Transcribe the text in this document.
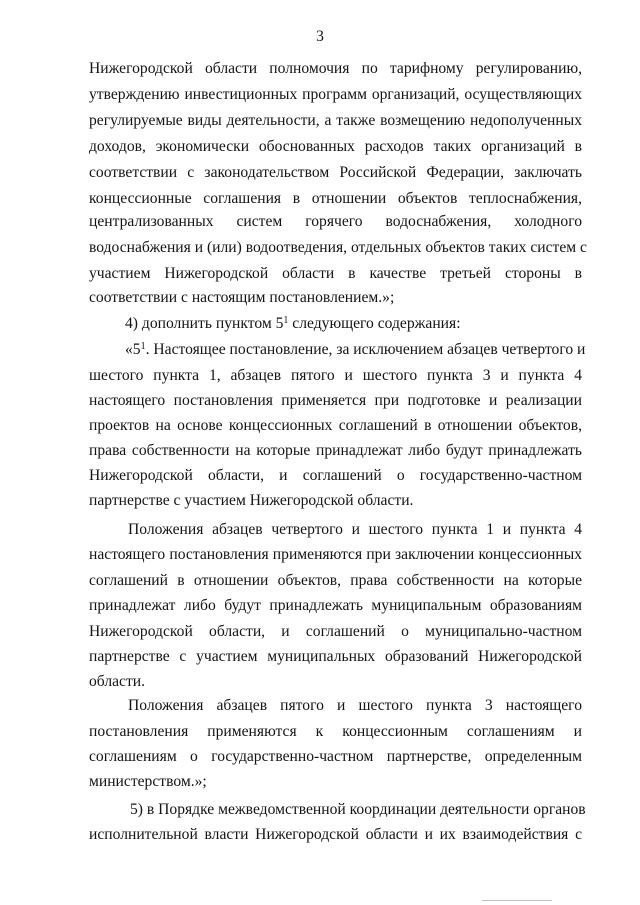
3
Нижегородской области полномочия по тарифному регулированию,
утверждению инвестиционных программ организаций, осуществляющих
регулируемые виды деятельности, а также возмещению недополученных
доходов, экономически обоснованных расходов таких организаций в
соответствии с законодательством Российской Федерации, заключать
концессионные соглашения в отношении объектов теплоснабжения,
централизованных систем горячего водоснабжения, холодного
водоснабжения и (или) водоотведения, отдельных объектов таких систем с
участием Нижегородской области в качестве третьей стороны в
соответствии с настоящим постановлением.»;
4) дополнить пунктом $5^1$ следующего содержания:
«$5^1$. Настоящее постановление, за исключением абзацев четвертого и
шестого пункта 1, абзацев пятого и шестого пункта 3 и пункта 4
настоящего постановления применяется при подготовке и реализации
проектов на основе концессионных соглашений в отношении объектов,
права собственности на которые принадлежат либо будут принадлежать
Нижегородской области, и соглашений о государственно-частном
партнерстве с участием Нижегородской области.
Положения абзацев четвертого и шестого пункта 1 и пункта 4
настоящего постановления применяются при заключении концессионных
соглашений в отношении объектов, права собственности на которые
принадлежат либо будут принадлежать муниципальным образованиям
Нижегородской области, и соглашений о муниципально-частном
партнерстве с участием муниципальных образований Нижегородской
области.
Положения абзацев пятого и шестого пункта 3 настоящего
постановления применяются к концессионным соглашениям и
соглашениям о государственно-частном партнерстве, определенным
министерством.»;
5) в Порядке межведомственной координации деятельности органов
исполнительной власти Нижегородской области и их взаимодействия с
